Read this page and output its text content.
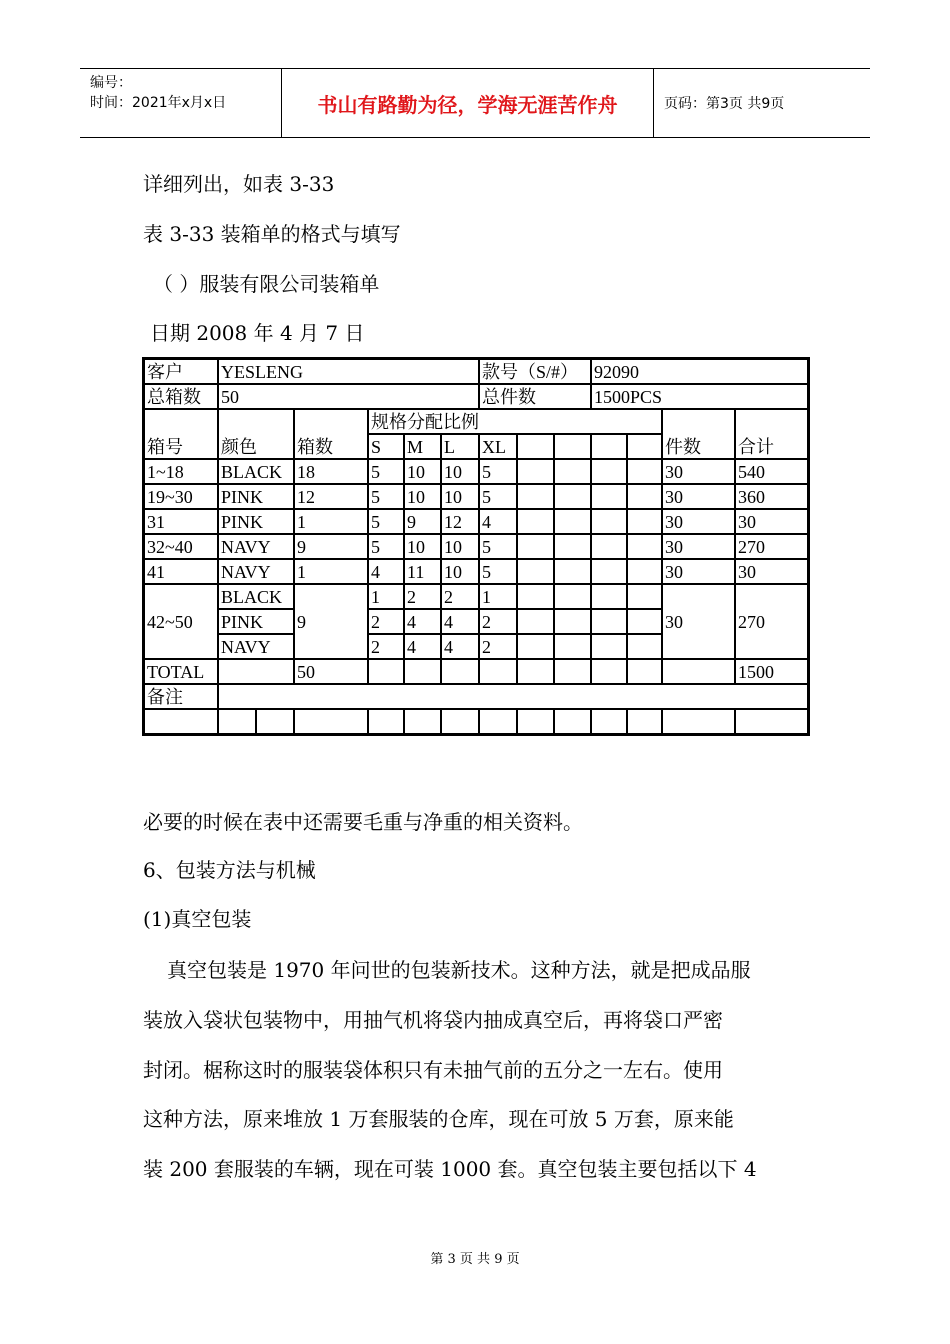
编号：
时间：2021年x月x日	书山有路勤为径，学海无涯苦作舟	页码：第3页 共9页
详细列出，如表 3-33
表 3-33 装箱单的格式与填写
（ ）服装有限公司装箱单
日期 2008 年 4 月 7 日
客户	YESLENG						款号（S/#）			92090			
总箱数	50						总件数			1500PCS			
箱号	颜色		箱数	规格分配比例								件数	合计
				S	M	L	XL						
1~18	BLACK		18	5	10	10	5					30	540
19~30	PINK		12	5	10	10	5					30	360
31	PINK		1	5	9	12	4					30	30
32~40	NAVY		9	5	10	10	5					30	270
41	NAVY		1	4	11	10	5					30	30
42~50	BLACK		9	1	2	2	1					30	270
	PINK			2	4	4	2						
	NAVY			2	4	4	2						
TOTAL			50										1500
备注													

必要的时候在表中还需要毛重与净重的相关资料。
6、包装方法与机械
(1)真空包装
真空包装是 1970 年问世的包装新技术。这种方法，就是把成品服
装放入袋状包装物中，用抽气机将袋内抽成真空后，再将袋口严密
封闭。椐称这时的服装袋体积只有未抽气前的五分之一左右。使用
这种方法，原来堆放 1 万套服装的仓库，现在可放 5 万套，原来能
装 200 套服装的车辆，现在可装 1000 套。真空包装主要包括以下 4
第 3 页 共 9 页
